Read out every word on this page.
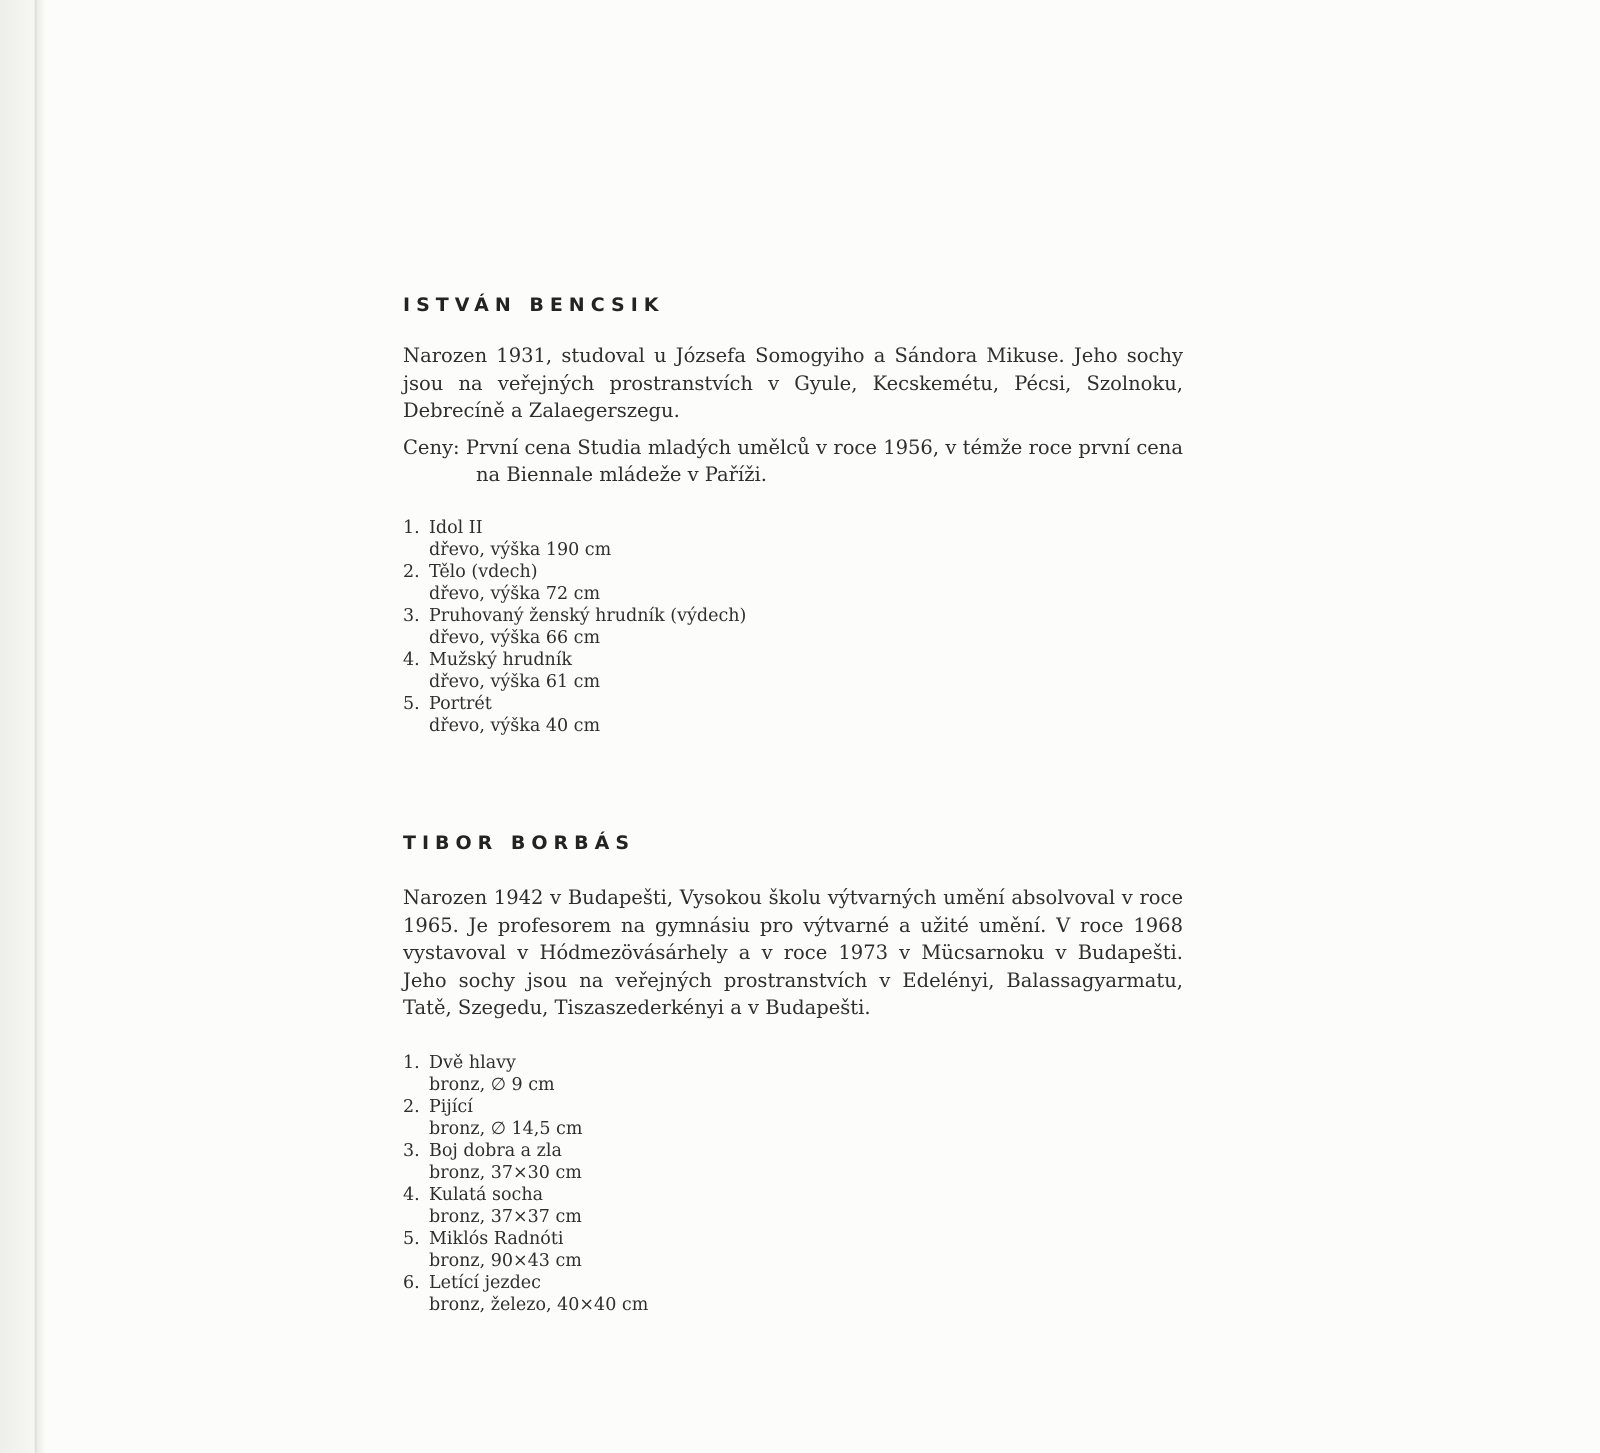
ISTVÁN BENCSIK

Narozen 1931, studoval u Józsefa Somogyiho a Sándora Mikuse. Jeho sochy jsou na veřejných prostranstvích v Gyule, Kecskemétu, Pécsi, Szolnoku, Debrecíně a Zalaegerszegu.

Ceny: První cena Studia mladých umělců v roce 1956, v témže roce první cena na Biennale mládeže v Paříži.
1. Idol II
dřevo, výška 190 cm
2. Tělo (vdech)
dřevo, výška 72 cm
3. Pruhovaný ženský hrudník (výdech)
dřevo, výška 66 cm
4. Mužský hrudník
dřevo, výška 61 cm
5. Portrét
dřevo, výška 40 cm
TIBOR BORBÁS

Narozen 1942 v Budapešti, Vysokou školu výtvarných umění absolvoval v roce 1965. Je profesorem na gymnásiu pro výtvarné a užité umění. V roce 1968 vystavoval v Hódmezövásárhely a v roce 1973 v Mücsarnoku v Budapešti. Jeho sochy jsou na veřejných prostranstvích v Edelényi, Balassagyarmatu, Tatě, Szegedu, Tiszaszederkényi a v Budapešti.

1. Dvě hlavy
bronz, ∅ 9 cm
2. Pijící
bronz, ∅ 14,5 cm
3. Boj dobra a zla
bronz, 37×30 cm
4. Kulatá socha
bronz, 37×37 cm
5. Miklós Radnóti
bronz, 90×43 cm
6. Letící jezdec
bronz, železo, 40×40 cm
